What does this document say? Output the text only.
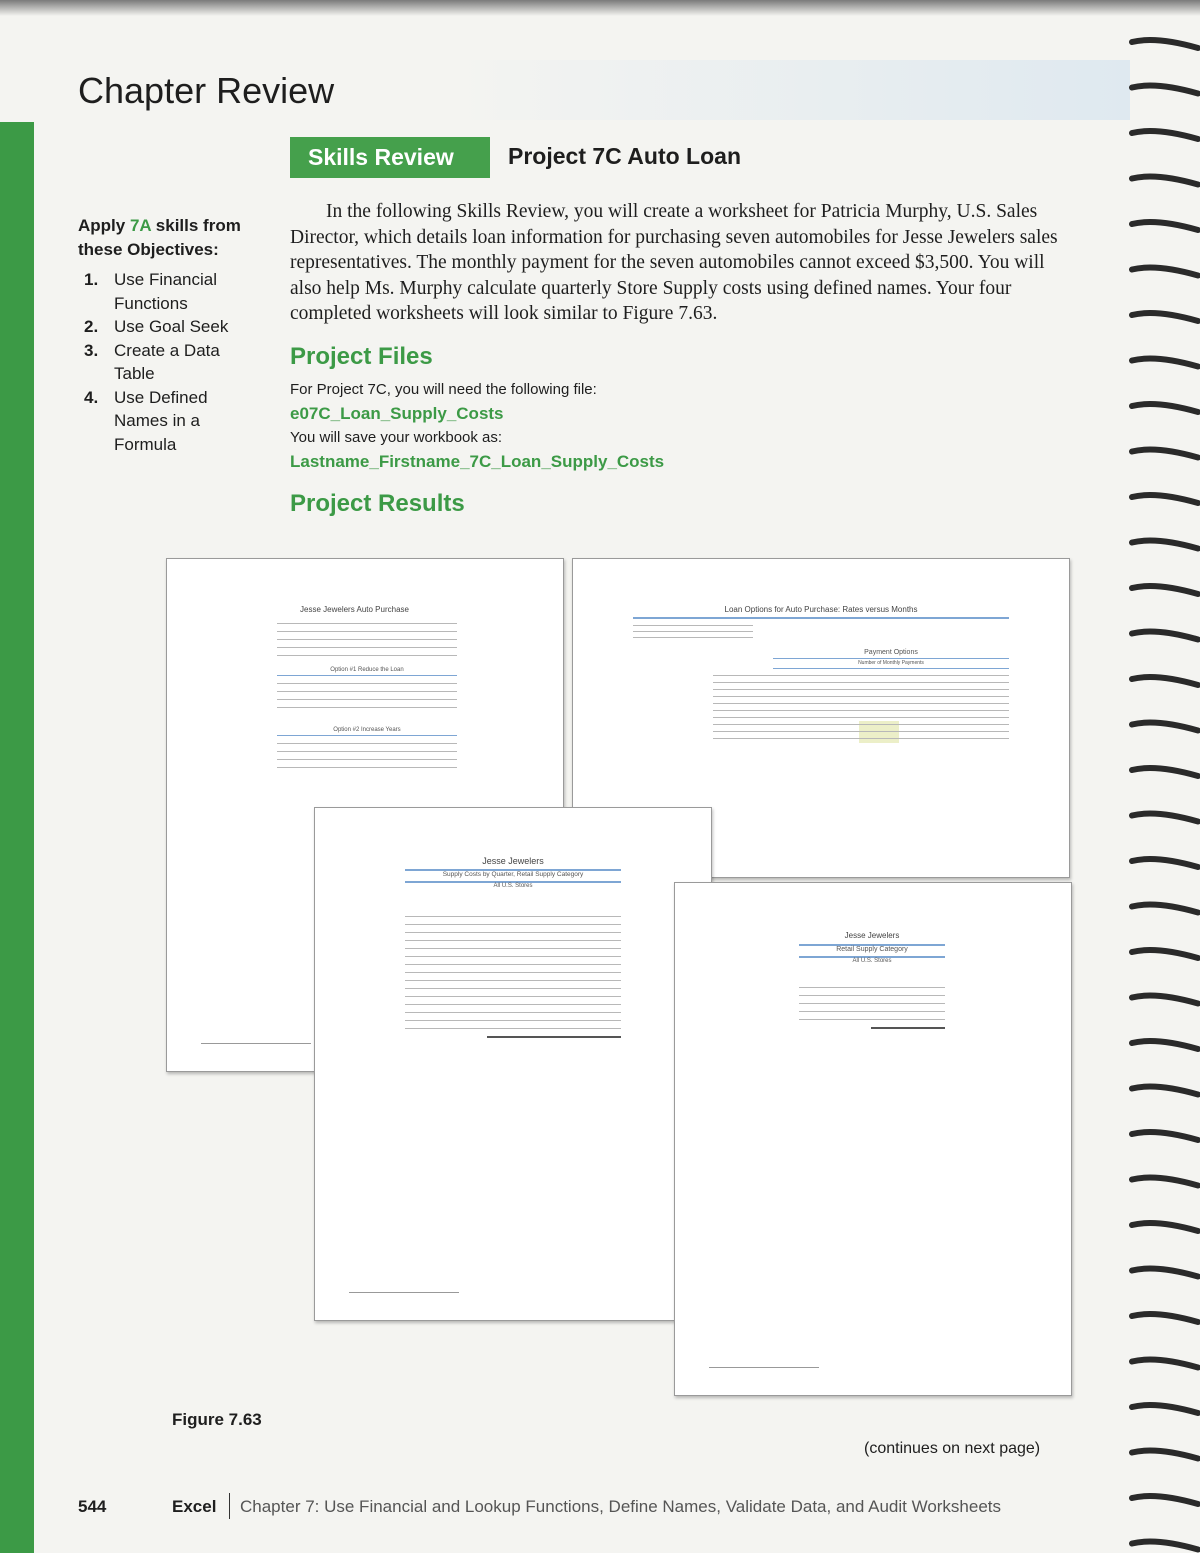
Chapter Review
Skills Review	Project 7C Auto Loan
Apply 7A skills from these Objectives:
1. Use Financial Functions
2. Use Goal Seek
3. Create a Data Table
4. Use Defined Names in a Formula

In the following Skills Review, you will create a worksheet for Patricia Murphy, U.S. Sales Director, which details loan information for purchasing seven automobiles for Jesse Jewelers sales representatives. The monthly payment for the seven automobiles cannot exceed $3,500. You will also help Ms. Murphy calculate quarterly Store Supply costs using defined names. Your four completed worksheets will look similar to Figure 7.63.

Project Files
For Project 7C, you will need the following file:
e07C_Loan_Supply_Costs
You will save your workbook as:
Lastname_Firstname_7C_Loan_Supply_Costs
Project Results
Jesse Jewelers Auto Purchase
Option #1 Reduce the Loan
Option #2 Increase Years
Loan Options for Auto Purchase: Rates versus Months
Payment Options
Number of Monthly Payments
Jesse Jewelers
Supply Costs by Quarter, Retail Supply Category
All U.S. Stores
Jesse Jewelers
Retail Supply Category
All U.S. Stores
Figure 7.63
(continues on next page)
544	Excel Chapter 7: Use Financial and Lookup Functions, Define Names, Validate Data, and Audit Worksheets
